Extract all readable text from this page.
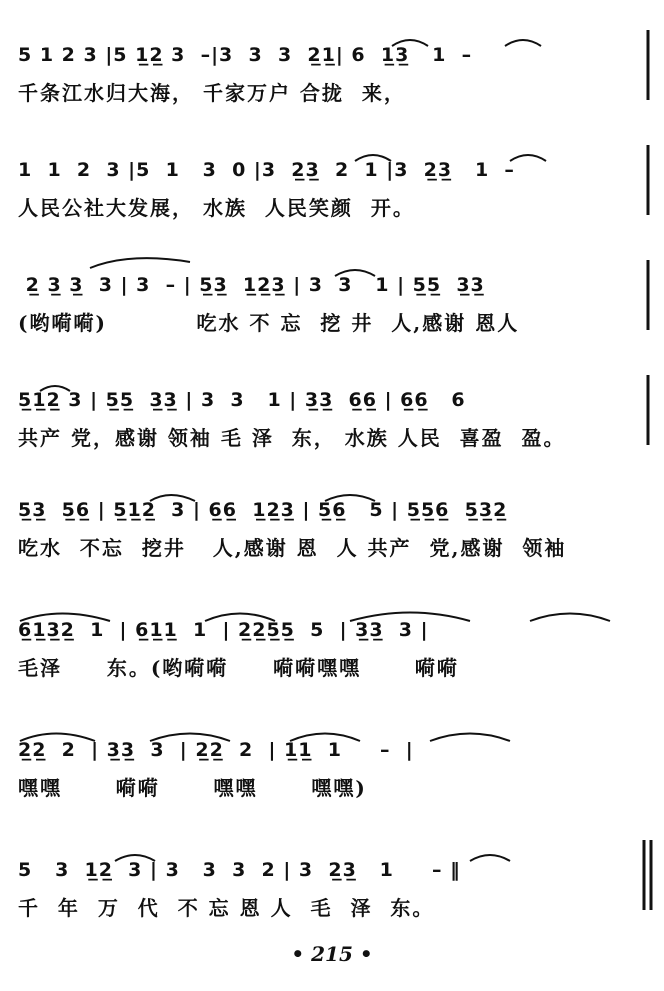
5 1 2 3 |5 1̲2̲ 3  –|3  3  3  2̲1̲| 6  1̲3̲   1  –
千条江水归大海， 千家万户 合拢  来，
1  1  2  3 |5  1   3  0 |3  2̲3̲  2  1 |3  2̲3̲   1  –
人民公社大发展， 水族  人民笑颜  开。
2̲ 3̲ 3̲  3 | 3  – | 5̲3̲  1̲2̲3̲ | 3  3   1 | 5̲5̲  3̲3̲
(哟嗬嗬)          吃水 不 忘  挖 井  人,感谢 恩人
5̲1̲2̲ 3 | 5̲5̲  3̲3̲ | 3  3   1 | 3̲3̲  6̲6̲ | 6̲6̲   6
共产 党，感谢 领袖 毛 泽  东， 水族 人民  喜盈  盈。
5̲3̲  5̲6̲ | 5̲1̲2̲  3 | 6̲6̲  1̲2̲3̲ | 5̲6̲   5 | 5̲5̲6̲  5̲3̲2̲
吃水  不忘  挖井   人,感谢 恩  人 共产  党,感谢  领袖
6̲1̲3̲2̲  1  | 6̲1̲1̲  1  | 2̲2̲5̲5̲  5  | 3̲3̲  3 |
毛泽     东。(哟嗬嗬     嗬嗬嘿嘿      嗬嗬
2̲2̲  2  | 3̲3̲  3  | 2̲2̲  2  | 1̲1̲  1     –  |
嘿嘿      嗬嗬      嘿嘿      嘿嘿)
5   3  1̲2̲  3 | 3   3  3  2 | 3  2̲3̲   1     – ‖
千  年  万  代  不 忘 恩 人  毛  泽  东。
• 215 •
